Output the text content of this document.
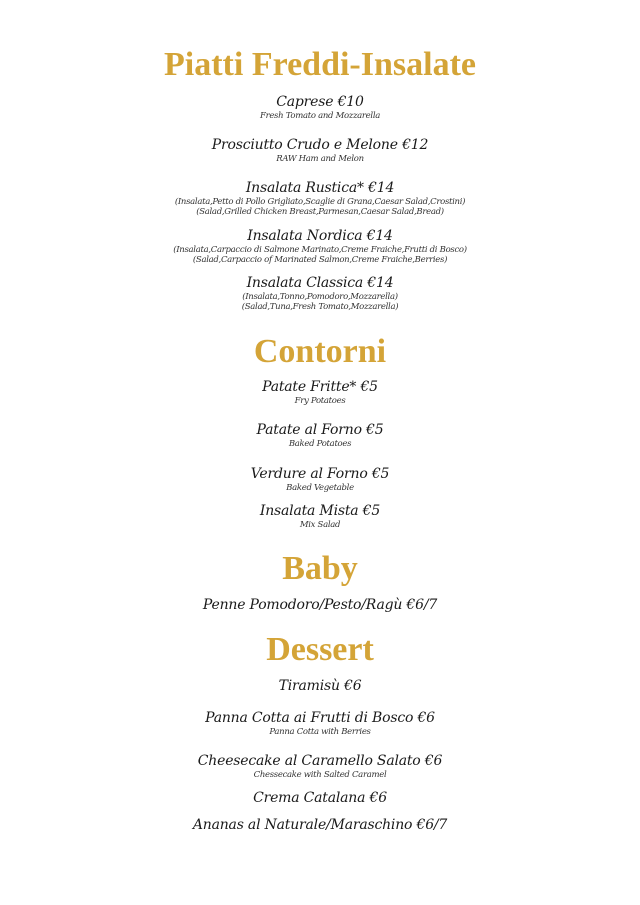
Piatti Freddi-Insalate
Caprese €10
Fresh Tomato and Mozzarella
Prosciutto Crudo e Melone €12
RAW Ham and Melon
Insalata Rustica* €14
(Insalata,Petto di Pollo Grigliato,Scaglie di Grana,Caesar Salad,Crostini)
(Salad,Grilled Chicken Breast,Parmesan,Caesar Salad,Bread)
Insalata Nordica €14
(Insalata,Carpaccio di Salmone Marinato,Creme Fraiche,Frutti di Bosco)
(Salad,Carpaccio of Marinated Salmon,Creme Fraiche,Berries)
Insalata Classica €14
(Insalata,Tonno,Pomodoro,Mozzarella)
(Salad,Tuna,Fresh Tomato,Mozzarella)
Contorni
Patate Fritte* €5
Fry Potatoes
Patate al Forno €5
Baked Potatoes
Verdure al Forno €5
Baked Vegetable
Insalata Mista €5
Mix Salad
Baby
Penne Pomodoro/Pesto/Ragù €6/7
Dessert
Tiramisù €6
Panna Cotta ai Frutti di Bosco €6
Panna Cotta with Berries
Cheesecake al Caramello Salato €6
Chessecake with Salted Caramel
Crema Catalana €6
Ananas al Naturale/Maraschino €6/7
